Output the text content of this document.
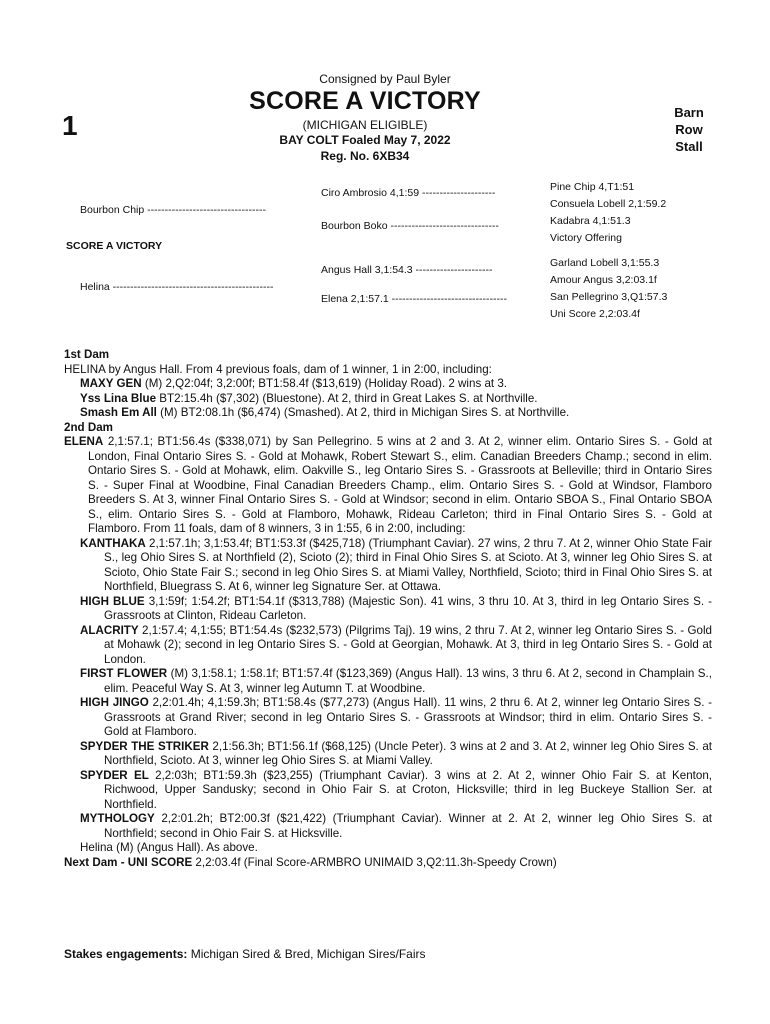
Consigned by Paul Byler
1
SCORE A VICTORY
(MICHIGAN ELIGIBLE)
BAY COLT Foaled May 7, 2022
Reg. No. 6XB34
Barn
Row
Stall
Bourbon Chip ----------------------------------
SCORE A VICTORY
Helina ----------------------------------------------
Ciro Ambrosio 4,1:59 ---------------------
Bourbon Boko -------------------------------
Angus Hall 3,1:54.3 ----------------------
Elena 2,1:57.1 ---------------------------------
Pine Chip 4,T1:51
Consuela Lobell 2,1:59.2
Kadabra 4,1:51.3
Victory Offering
Garland Lobell 3,1:55.3
Amour Angus 3,2:03.1f
San Pellegrino 3,Q1:57.3
Uni Score 2,2:03.4f

1st Dam

HELINA by Angus Hall. From 4 previous foals, dam of 1 winner, 1 in 2:00, including:

MAXY GEN (M) 2,Q2:04f; 3,2:00f; BT1:58.4f ($13,619) (Holiday Road). 2 wins at 3.

Yss Lina Blue BT2:15.4h ($7,302) (Bluestone). At 2, third in Great Lakes S. at Northville.

Smash Em All (M) BT2:08.1h ($6,474) (Smashed). At 2, third in Michigan Sires S. at Northville.

2nd Dam

ELENA 2,1:57.1; BT1:56.4s ($338,071) by San Pellegrino. 5 wins at 2 and 3. At 2, winner elim. Ontario Sires S. - Gold at London, Final Ontario Sires S. - Gold at Mohawk, Robert Stewart S., elim. Canadian Breeders Champ.; second in elim. Ontario Sires S. - Gold at Mohawk, elim. Oakville S., leg Ontario Sires S. - Grassroots at Belleville; third in Ontario Sires S. - Super Final at Woodbine, Final Canadian Breeders Champ., elim. Ontario Sires S. - Gold at Windsor, Flamboro Breeders S. At 3, winner Final Ontario Sires S. - Gold at Windsor; second in elim. Ontario SBOA S., Final Ontario SBOA S., elim. Ontario Sires S. - Gold at Flamboro, Mohawk, Rideau Carleton; third in Final Ontario Sires S. - Gold at Flamboro. From 11 foals, dam of 8 winners, 3 in 1:55, 6 in 2:00, including:

KANTHAKA 2,1:57.1h; 3,1:53.4f; BT1:53.3f ($425,718) (Triumphant Caviar). 27 wins, 2 thru 7. At 2, winner Ohio State Fair S., leg Ohio Sires S. at Northfield (2), Scioto (2); third in Final Ohio Sires S. at Scioto. At 3, winner leg Ohio Sires S. at Scioto, Ohio State Fair S.; second in leg Ohio Sires S. at Miami Valley, Northfield, Scioto; third in Final Ohio Sires S. at Northfield, Bluegrass S. At 6, winner leg Signature Ser. at Ottawa.

HIGH BLUE 3,1:59f; 1:54.2f; BT1:54.1f ($313,788) (Majestic Son). 41 wins, 3 thru 10. At 3, third in leg Ontario Sires S. - Grassroots at Clinton, Rideau Carleton.

ALACRITY 2,1:57.4; 4,1:55; BT1:54.4s ($232,573) (Pilgrims Taj). 19 wins, 2 thru 7. At 2, winner leg Ontario Sires S. - Gold at Mohawk (2); second in leg Ontario Sires S. - Gold at Georgian, Mohawk. At 3, third in leg Ontario Sires S. - Gold at London.

FIRST FLOWER (M) 3,1:58.1; 1:58.1f; BT1:57.4f ($123,369) (Angus Hall). 13 wins, 3 thru 6. At 2, second in Champlain S., elim. Peaceful Way S. At 3, winner leg Autumn T. at Woodbine.

HIGH JINGO 2,2:01.4h; 4,1:59.3h; BT1:58.4s ($77,273) (Angus Hall). 11 wins, 2 thru 6. At 2, winner leg Ontario Sires S. - Grassroots at Grand River; second in leg Ontario Sires S. - Grassroots at Windsor; third in elim. Ontario Sires S. - Gold at Flamboro.

SPYDER THE STRIKER 2,1:56.3h; BT1:56.1f ($68,125) (Uncle Peter). 3 wins at 2 and 3. At 2, winner leg Ohio Sires S. at Northfield, Scioto. At 3, winner leg Ohio Sires S. at Miami Valley.

SPYDER EL 2,2:03h; BT1:59.3h ($23,255) (Triumphant Caviar). 3 wins at 2. At 2, winner Ohio Fair S. at Kenton, Richwood, Upper Sandusky; second in Ohio Fair S. at Croton, Hicksville; third in leg Buckeye Stallion Ser. at Northfield.

MYTHOLOGY 2,2:01.2h; BT2:00.3f ($21,422) (Triumphant Caviar). Winner at 2. At 2, winner leg Ohio Sires S. at Northfield; second in Ohio Fair S. at Hicksville.

Helina (M) (Angus Hall). As above.

Next Dam - UNI SCORE 2,2:03.4f (Final Score-ARMBRO UNIMAID 3,Q2:11.3h-Speedy Crown)

Stakes engagements: Michigan Sired & Bred, Michigan Sires/Fairs
